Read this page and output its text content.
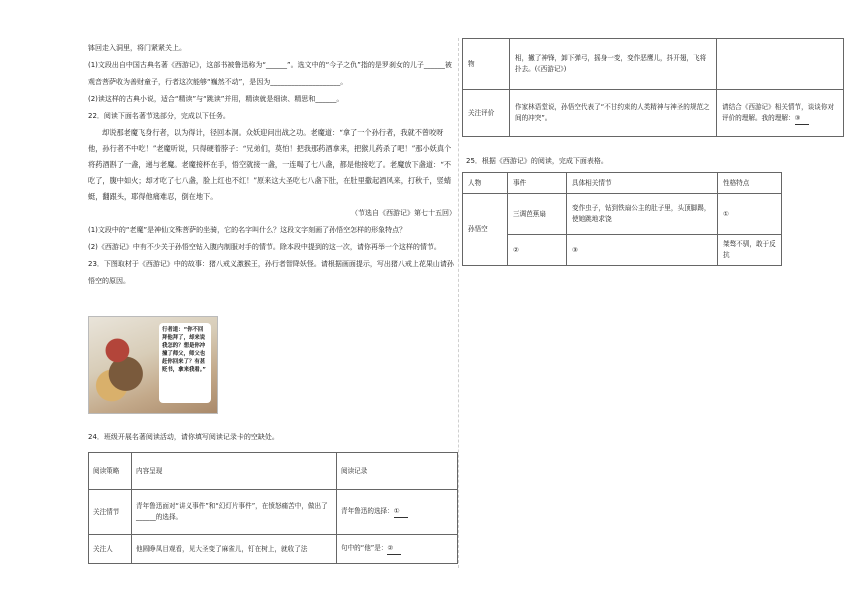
钵回走入洞里，将门紧紧关上。

(1)文段出自中国古典名著《西游记》，这部书被鲁迅称为“______”。选文中的“今子之仇”指的是罗刹女的儿子______被观音菩萨收为善财童子，行者这次能够“巍然不动”，是因为____________________。

(2)读这样的古典小说，适合“精读”与“跳读”并用，精读就是细读、精思和______。

22．阅读下面名著节选部分，完成以下任务。

却说那老魔飞身行者，以为得计，径回本洞。众妖迎问出战之功。老魔道：“拿了一个孙行者，我就不曾咬呀他，孙行者不中吃！”老魔听说，只得硬着脖子：“兄弟们，莫怕！把我那药酒拿来，把猴儿药杀了吧！”那小妖真个将药酒斟了一盏，递与老魔。老魔接杯在手，悟空就接一盏，一连喝了七八盏，都是他接吃了。老魔放下盏道：“不吃了，腹中如火；却才吃了七八盏，脸上红也不红！”原来这大圣吃七八盏下肚，在肚里撒起酒风来，打秋千，竖蜻蜓，翻跟头，耶得他痛难忍，倒在地下。

（节选自《西游记》第七十五回）

(1)文段中的“老魔”是神仙文殊菩萨的坐骑，它的名字叫什么？这段文字刻画了孙悟空怎样的形象特点？

(2)《西游记》中有不少关于孙悟空钻入腹内制服对手的情节。除本段中提到的这一次，请你再举一个这样的情节。

23．下图取材于《西游记》中的故事：猪八戒义激猴王，孙行者智降妖怪。请根据画面提示，写出猪八戒上花果山请孙悟空的原因。

行者道：“你不回拜他拜了，却来说我怎的？想是你冲撞了师父，师父也赶你回来了？有甚贬书，拿来我看。”

24．班级开展名著阅读活动，请你填写阅读记录卡的空缺处。

阅读策略	内容呈现	阅读记录
关注情节	青年鲁迅面对“讲义事件”和“幻灯片事件”，在愤怒痛苦中，做出了______的选择。	青年鲁迅的选择：①
关注人	他圆睁凤目观看，见大圣变了麻雀儿，钉在树上，就收了法	句中的“他”是：②
物	相，撇了神锋，卸下弹弓，摇身一变，变作恶鹰儿，抖开翅，飞将扑去。(《西游记》)	
关注评价	作家林语堂说，孙悟空代表了“不甘约束的人类精神与神圣的规范之间的冲突”。	请结合《西游记》相关情节，谈谈你对评价的理解。我的理解：③

25．根据《西游记》的阅读，完成下面表格。

人物	事件	具体相关情节	性格特点
孙悟空	三调芭蕉扇	变作虫子，钻到铁扇公主的肚子里，头顶脚踢，使她跳地求饶	①
	②	③	桀骜不驯，敢于反抗
